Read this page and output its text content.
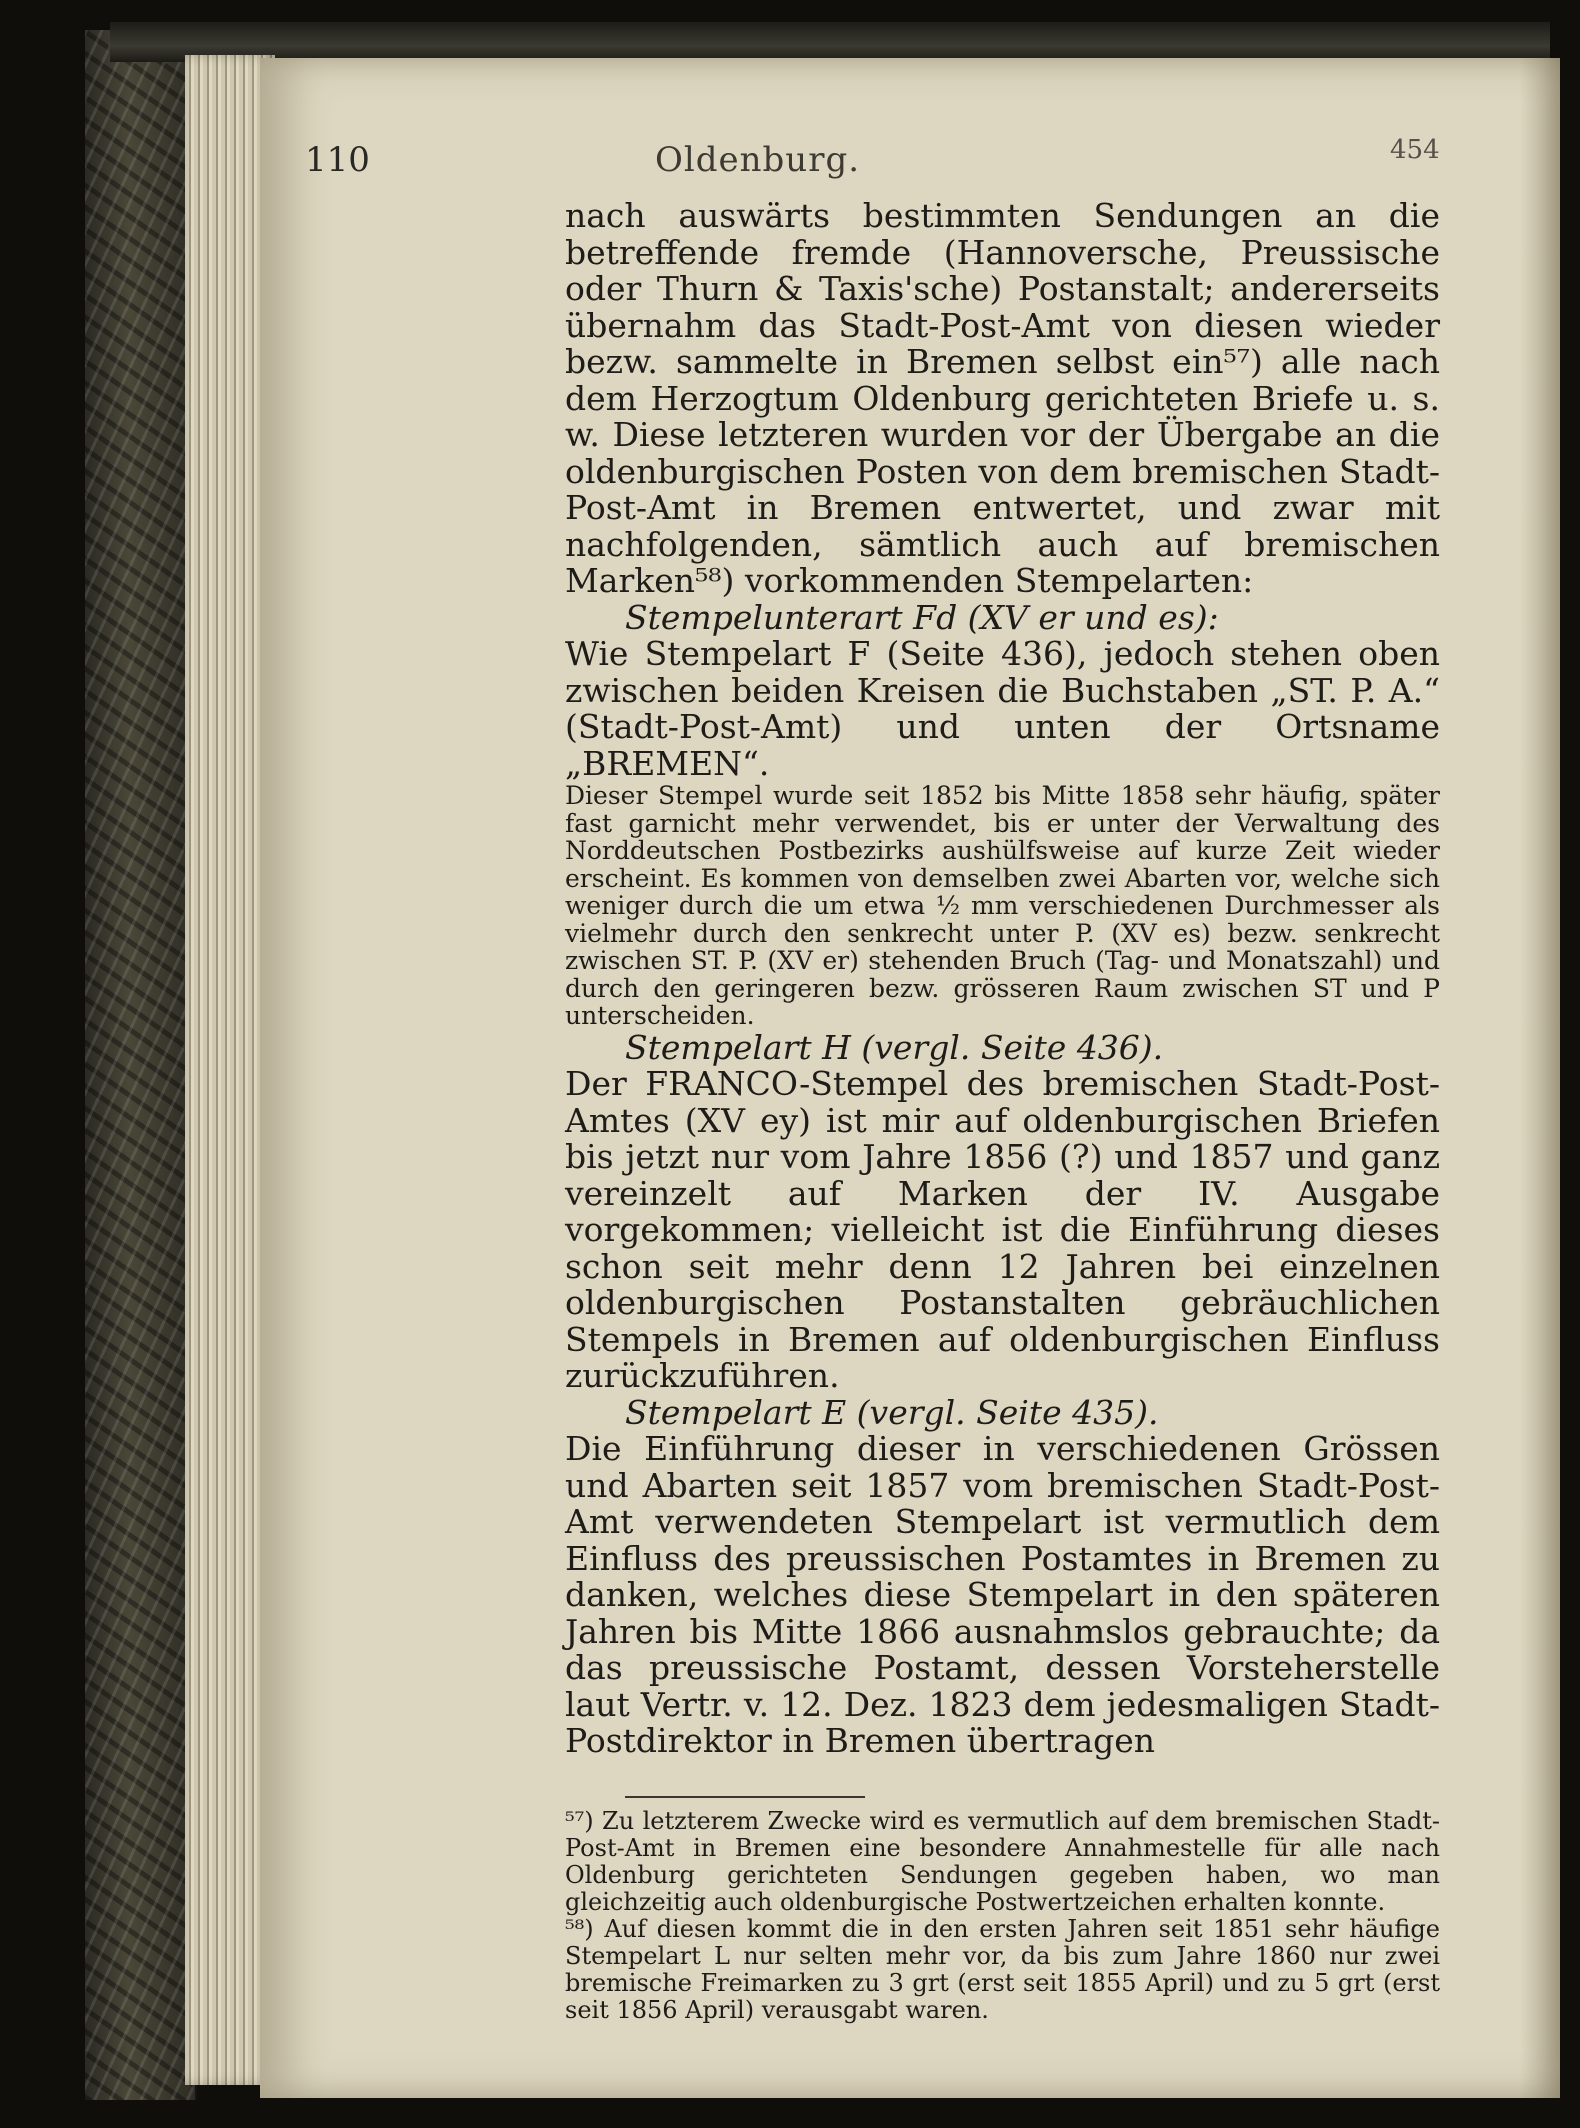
110	Oldenburg.	454

nach auswärts bestimmten Sendungen an die betreffende fremde (Hannoversche, Preussische oder Thurn & Taxis'sche) Postanstalt; andererseits übernahm das Stadt-Post-Amt von diesen wieder bezw. sammelte in Bremen selbst ein⁵⁷) alle nach dem Herzogtum Oldenburg gerichteten Briefe u. s. w. Diese letzteren wurden vor der Übergabe an die oldenburgischen Posten von dem bremischen Stadt-Post-Amt in Bremen entwertet, und zwar mit nachfolgenden, sämtlich auch auf bremischen Marken⁵⁸) vorkommenden Stempelarten:

Stempelunterart Fd (XV er und es):

Wie Stempelart F (Seite 436), jedoch stehen oben zwischen beiden Kreisen die Buchstaben „ST. P. A.“ (Stadt-Post-Amt) und unten der Ortsname „BREMEN“.

Dieser Stempel wurde seit 1852 bis Mitte 1858 sehr häufig, später fast garnicht mehr verwendet, bis er unter der Verwaltung des Norddeutschen Postbezirks aushülfsweise auf kurze Zeit wieder erscheint. Es kommen von demselben zwei Abarten vor, welche sich weniger durch die um etwa ½ mm verschiedenen Durchmesser als vielmehr durch den senkrecht unter P. (XV es) bezw. senkrecht zwischen ST. P. (XV er) stehenden Bruch (Tag- und Monatszahl) und durch den geringeren bezw. grösseren Raum zwischen ST und P unterscheiden.

Stempelart H (vergl. Seite 436).

Der FRANCO-Stempel des bremischen Stadt-Post-Amtes (XV ey) ist mir auf oldenburgischen Briefen bis jetzt nur vom Jahre 1856 (?) und 1857 und ganz vereinzelt auf Marken der IV. Ausgabe vorgekommen; vielleicht ist die Einführung dieses schon seit mehr denn 12 Jahren bei einzelnen oldenburgischen Postanstalten gebräuchlichen Stempels in Bremen auf oldenburgischen Einfluss zurückzuführen.

Stempelart E (vergl. Seite 435).

Die Einführung dieser in verschiedenen Grössen und Abarten seit 1857 vom bremischen Stadt-Post-Amt verwendeten Stempelart ist vermutlich dem Einfluss des preussischen Postamtes in Bremen zu danken, welches diese Stempelart in den späteren Jahren bis Mitte 1866 ausnahmslos gebrauchte; da das preussische Postamt, dessen Vorsteherstelle laut Vertr. v. 12. Dez. 1823 dem jedesmaligen Stadt-Postdirektor in Bremen übertragen

⁵⁷) Zu letzterem Zwecke wird es vermutlich auf dem bremischen Stadt-Post-Amt in Bremen eine besondere Annahmestelle für alle nach Oldenburg gerichteten Sendungen gegeben haben, wo man gleichzeitig auch oldenburgische Postwertzeichen erhalten konnte.

⁵⁸) Auf diesen kommt die in den ersten Jahren seit 1851 sehr häufige Stempelart L nur selten mehr vor, da bis zum Jahre 1860 nur zwei bremische Freimarken zu 3 grt (erst seit 1855 April) und zu 5 grt (erst seit 1856 April) verausgabt waren.
